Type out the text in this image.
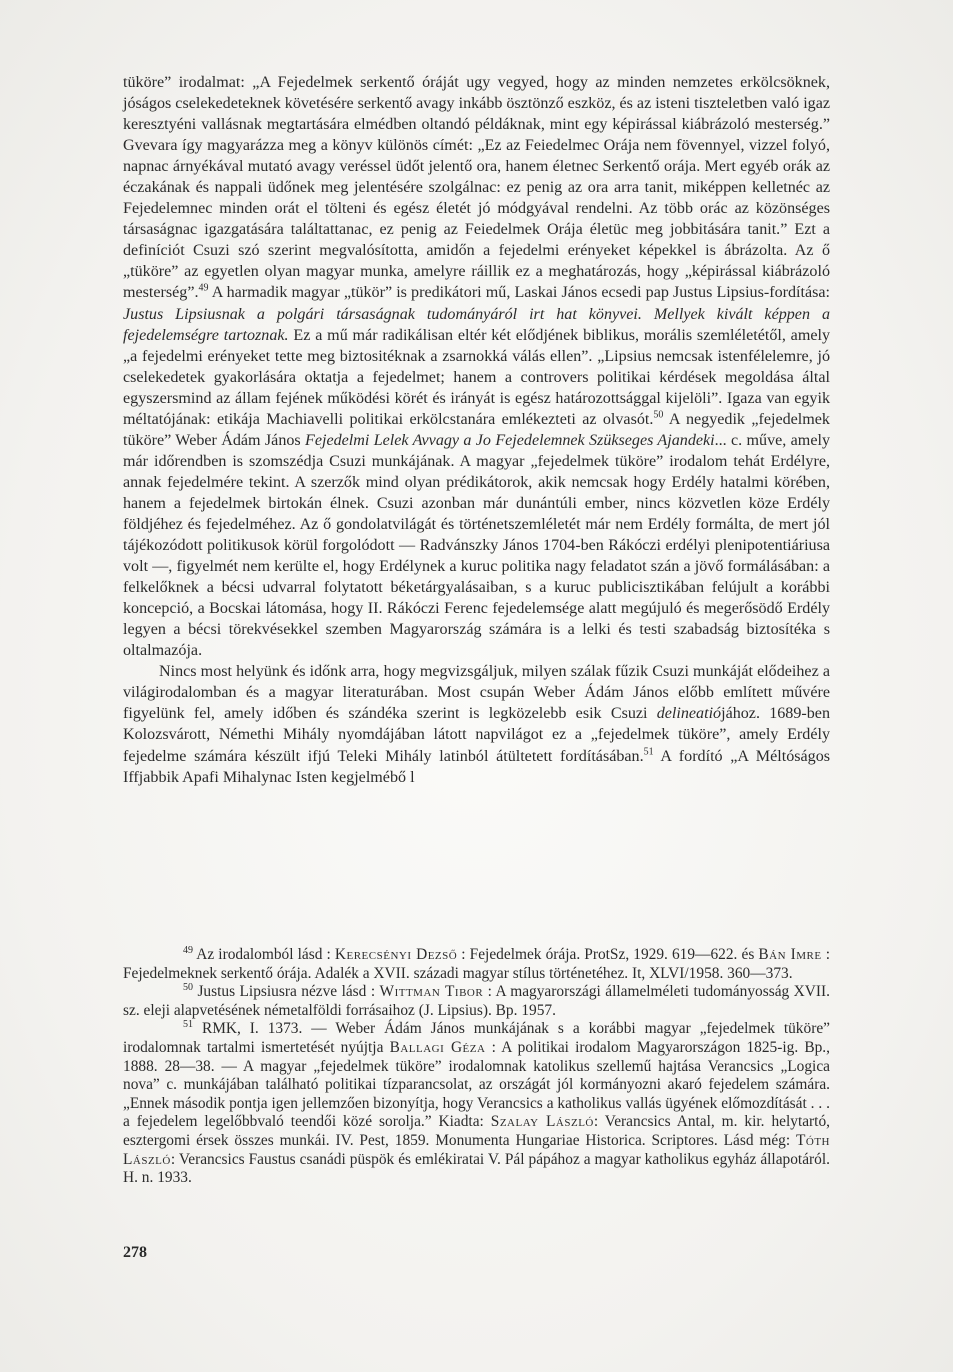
tükörе” irodalmat: „A Fejedelmek serkentő óráját ugy vegyed, hogy az minden nemzetes erkölcsöknek, jóságos cselekedeteknek követésére serkentő avagy inkább ösztönző eszköz, és az isteni tiszteletben való igaz keresztyéni vallásnak megtartására elmédben oltandó példáknak, mint egy képirással kiábrázoló mesterség.” Gvevara így magyarázza meg a könyv különös címét: „Ez az Feiedelmec Orája nem fövennyel, vizzel folyó, napnac árnyékával mutató avagy veréssel üdőt jelentő ora, hanem életnec Serkentő orája. Mert egyéb orák az éczakának és nappali üdőnek meg jelentésére szolgálnac: ez penig az ora arra tanit, miképpen kelletnéc az Fejedelemnec minden orát el tölteni és egész életét jó módgyával rendelni. Az több orác az közönséges társaságnac igazgatására találtattanac, ez penig az Feiedelmek Orája életüc meg jobbitására tanit.” Ezt a definíciót Csuzi szó szerint megvalósította, amidőn a fejedelmi erényeket képekkel is ábrázolta. Az ő „tüköre” az egyetlen olyan magyar munka, amelyre ráillik ez a meghatározás, hogy „képirással kiábrázoló mesterség”.$^{49}$ A harmadik magyar „tükör” is predikátori mű, Laskai János ecsedi pap Justus Lipsius-fordítása: Justus Lipsiusnak a polgári társaságnak tudományáról irt hat könyvei. Mellyek kivált képpen a fejedelemségre tartoznak. Ez a mű már radikálisan eltér két elődjének biblikus, morális szemléletétől, amely „a fejedelmi erényeket tette meg biztositéknak a zsarnokká válás ellen”. „Lipsius nemcsak istenfélelemre, jó cselekedetek gyakorlására oktatja a fejedelmet; hanem a controvers politikai kérdések megoldása által egyszersmind az állam fejének működési körét és irányát is egész határozottsággal kijelöli”. Igaza van egyik méltatójának: etikája Machiavelli politikai erkölcstanára emlékezteti az olvasót.$^{50}$ A negyedik „fejedelmek tüköre” Weber Ádám János Fejedelmi Lelek Avvagy a Jo Fejedelemnek Szükseges Ajandeki... c. műve, amely már időrendben is szomszédja Csuzi munkájának. A magyar „fejedelmek tüköre” irodalom tehát Erdélyre, annak fejedelmére tekint. A szerzők mind olyan prédikátorok, akik nemcsak hogy Erdély hatalmi körében, hanem a fejedelmek birtokán élnek. Csuzi azonban már dunántúli ember, nincs közvetlen köze Erdély földjéhez és fejedelméhez. Az ő gondolatvilágát és történetszemléletét már nem Erdély formálta, de mert jól tájékozódott politikusok körül forgolódott — Radvánszky János 1704-ben Rákóczi erdélyi plenipotentiáriusa volt —, figyelmét nem kerülte el, hogy Erdélynek a kuruc politika nagy feladatot szán a jövő formálásában: a felkelőknek a bécsi udvarral folytatott béketárgyalásaiban, s a kuruc publicisztikában felújult a korábbi koncepció, a Bocskai látomása, hogy II. Rákóczi Ferenc fejedelemsége alatt megújuló és megerősödő Erdély legyen a bécsi törekvésekkel szemben Magyarország számára is a lelki és testi szabadság biztosítéka s oltalmazója.

Nincs most helyünk és időnk arra, hogy megvizsgáljuk, milyen szálak fűzik Csuzi munkáját elődeihez a világirodalomban és a magyar literaturában. Most csupán Weber Ádám János előbb említett művére figyelünk fel, amely időben és szándéka szerint is legközelebb esik Csuzi delineatiójához. 1689-ben Kolozsvárott, Némethi Mihály nyomdájában látott napvilágot ez a „fejedelmek tüköre”, amely Erdély fejedelme számára készült ifjú Teleki Mihály latinból átültetett fordításában.$^{51}$ A fordító „A Méltóságos Iffjabbik Apafi Mihalynac Isten kegjelmébő l

$^{49}$ Az irodalomból lásd : Kerecsényi Dezső : Fejedelmek órája. ProtSz, 1929. 619—622. és Bán Imre : Fejedelmeknek serkentő órája. Adalék a XVII. századi magyar stílus történetéhez. It, XLVI/1958. 360—373.

$^{50}$ Justus Lipsiusra nézve lásd : Wittman Tibor : A magyarországi államelméleti tudományosság XVII. sz. eleji alapvetésének németalföldi forrásaihoz (J. Lipsius). Bp. 1957.

$^{51}$ RMK, I. 1373. — Weber Ádám János munkájának s a korábbi magyar „fejedelmek tüköre” irodalomnak tartalmi ismertetését nyújtja Ballagi Géza : A politikai irodalom Magyarországon 1825-ig. Bp., 1888. 28—38. — A magyar „fejedelmek tüköre” irodalomnak katolikus szellemű hajtása Verancsics „Logica nova” c. munkájában található politikai tízparancsolat, az országát jól kormányozni akaró fejedelem számára. „Ennek második pontja igen jellemzően bizonyítja, hogy Verancsics a katholikus vallás ügyének előmozdítását . . . a fejedelem legelőbbvaló teendői közé sorolja.” Kiadta: Szalay László: Verancsics Antal, m. kir. helytartó, esztergomi érsek összes munkái. IV. Pest, 1859. Monumenta Hungariae Historica. Scriptores. Lásd még: Tóth László: Verancsics Faustus csanádi püspök és emlékiratai V. Pál pápához a magyar katholikus egyház állapotáról. H. n. 1933.

278
